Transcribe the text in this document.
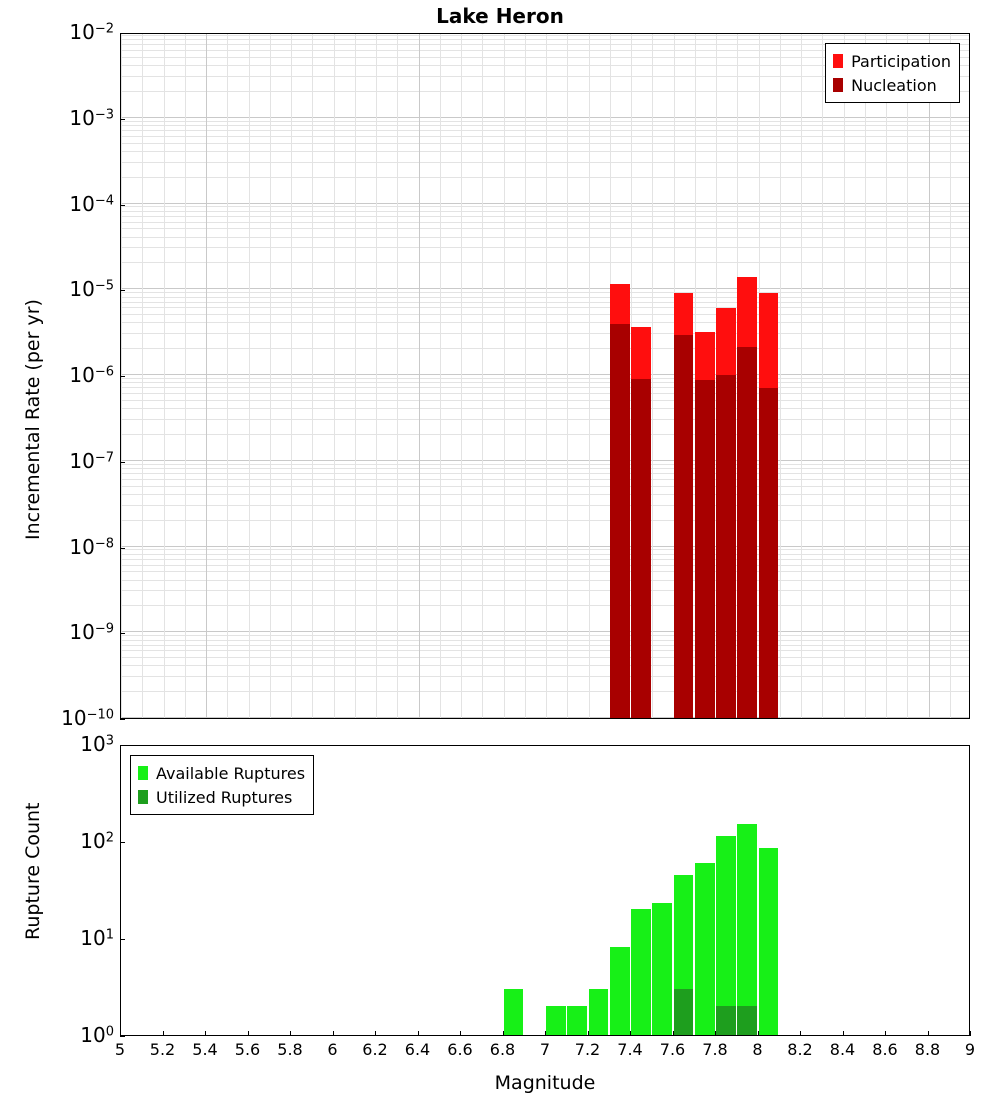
Lake Heron
Participation
Nucleation
Available Ruptures
Utilized Ruptures
Incremental Rate (per yr)
Rupture Count
Magnitude
$10^{-10}$
$10^{-9}$
$10^{-8}$
$10^{-7}$
$10^{-6}$
$10^{-5}$
$10^{-4}$
$10^{-3}$
$10^{-2}$
$10^0$
$10^1$
$10^2$
$10^3$
5	5.2	5.4	5.6	5.8	6	6.2	6.4	6.6	6.8	7	7.2	7.4	7.6	7.8	8	8.2	8.4	8.6	8.8	9
